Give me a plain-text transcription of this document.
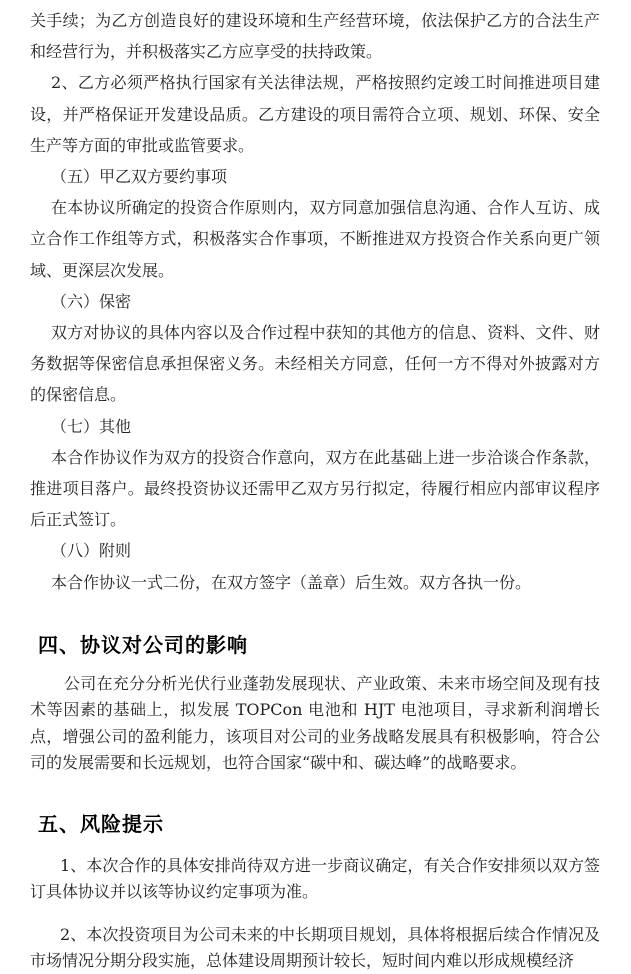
关手续；为乙方创造良好的建设环境和生产经营环境，依法保护乙方的合法生产和经营行为，并积极落实乙方应享受的扶持政策。

2、乙方必须严格执行国家有关法律法规，严格按照约定竣工时间推进项目建设，并严格保证开发建设品质。乙方建设的项目需符合立项、规划、环保、安全生产等方面的审批或监管要求。

（五）甲乙双方要约事项

在本协议所确定的投资合作原则内，双方同意加强信息沟通、合作人互访、成立合作工作组等方式，积极落实合作事项，不断推进双方投资合作关系向更广领域、更深层次发展。

（六）保密

双方对协议的具体内容以及合作过程中获知的其他方的信息、资料、文件、财务数据等保密信息承担保密义务。未经相关方同意，任何一方不得对外披露对方的保密信息。

（七）其他

本合作协议作为双方的投资合作意向，双方在此基础上进一步洽谈合作条款，推进项目落户。最终投资协议还需甲乙双方另行拟定，待履行相应内部审议程序后正式签订。

（八）附则

本合作协议一式二份，在双方签字（盖章）后生效。双方各执一份。

四、协议对公司的影响

公司在充分分析光伏行业蓬勃发展现状、产业政策、未来市场空间及现有技术等因素的基础上，拟发展 TOPCon 电池和 HJT 电池项目，寻求新利润增长点，增强公司的盈利能力，该项目对公司的业务战略发展具有积极影响，符合公司的发展需要和长远规划，也符合国家“碳中和、碳达峰”的战略要求。

五、风险提示

1、本次合作的具体安排尚待双方进一步商议确定，有关合作安排须以双方签订具体协议并以该等协议约定事项为准。

2、本次投资项目为公司未来的中长期项目规划，具体将根据后续合作情况及市场情况分期分段实施，总体建设周期预计较长，短时间内难以形成规模经济
